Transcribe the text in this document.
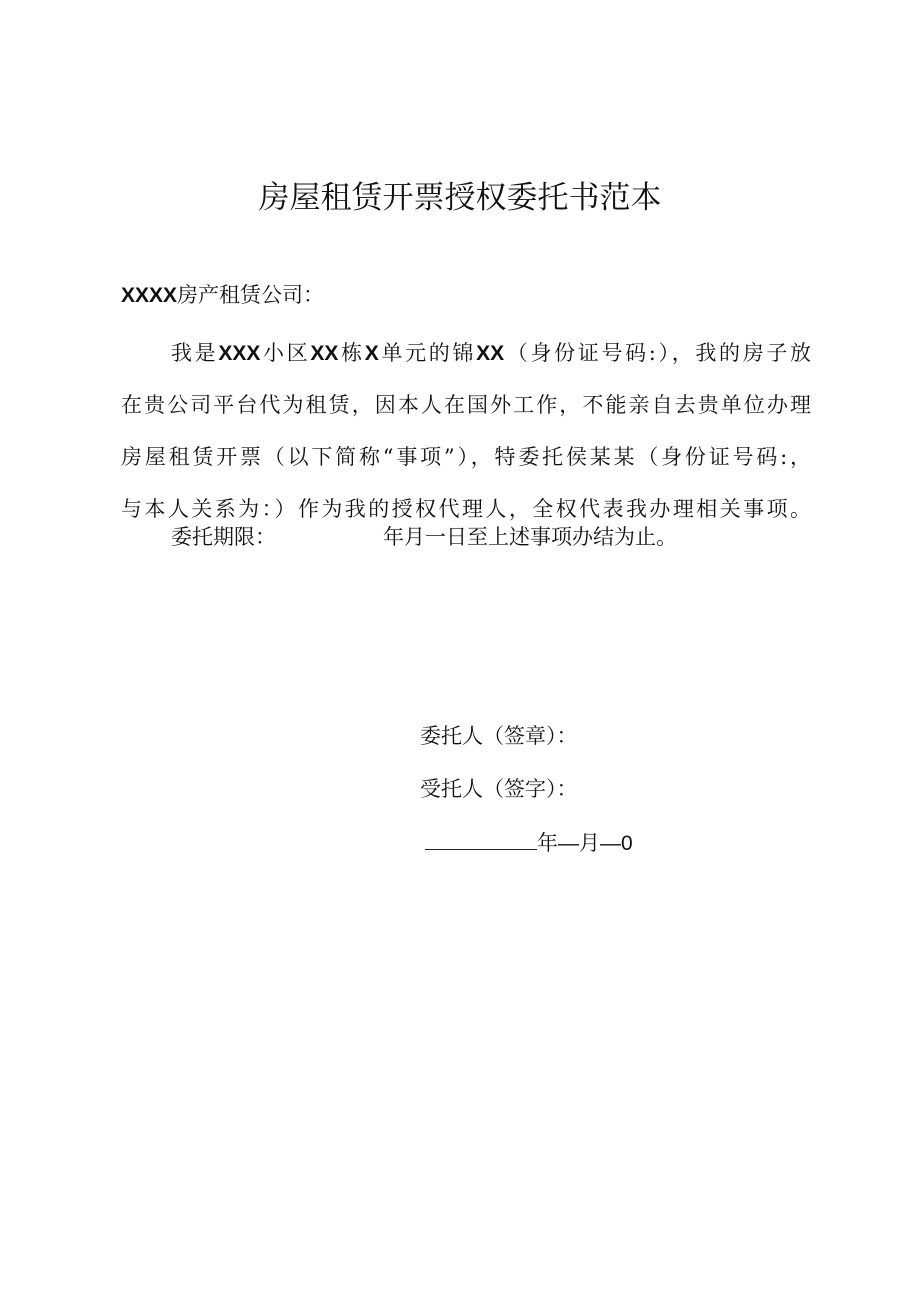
房屋租赁开票授权委托书范本
XXXX房产租赁公司：
我是XXX小区XX栋X单元的锦XX（身份证号码:），我的房子放
在贵公司平台代为租赁，因本人在国外工作，不能亲自去贵单位办理
房屋租赁开票（以下简称“事项”），特委托侯某某（身份证号码:，
与本人关系为：）作为我的授权代理人，全权代表我办理相关事项。
委托期限：	年月一日至上述事项办结为止。
委托人（签章）：
受托人（签字）：
年—月—0
